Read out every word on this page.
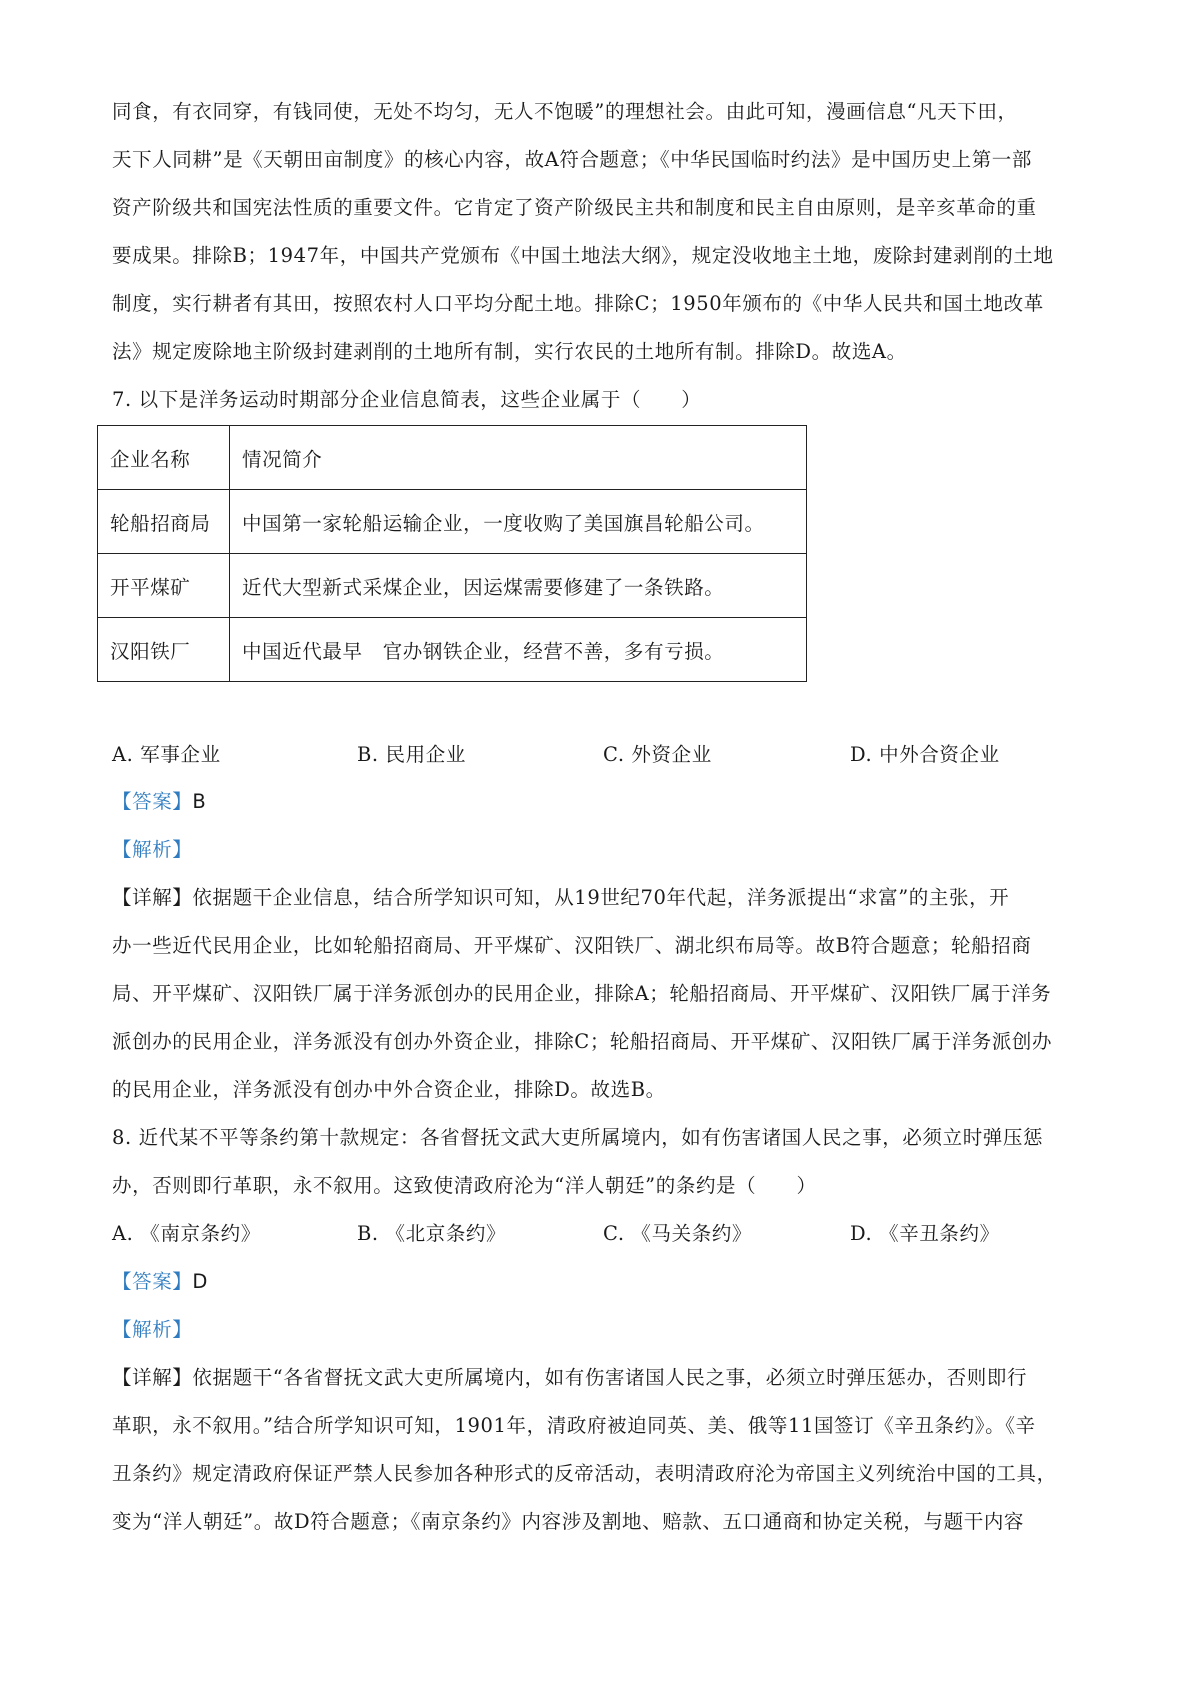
同食，有衣同穿，有钱同使，无处不均匀，无人不饱暖”的理想社会。由此可知，漫画信息“凡天下田，
天下人同耕”是《天朝田亩制度》的核心内容，故A符合题意；《中华民国临时约法》是中国历史上第一部
资产阶级共和国宪法性质的重要文件。它肯定了资产阶级民主共和制度和民主自由原则，是辛亥革命的重
要成果。排除B；1947年，中国共产党颁布《中国土地法大纲》，规定没收地主土地，废除封建剥削的土地
制度，实行耕者有其田，按照农村人口平均分配土地。排除C；1950年颁布的《中华人民共和国土地改革
法》规定废除地主阶级封建剥削的土地所有制，实行农民的土地所有制。排除D。故选A。
7. 以下是洋务运动时期部分企业信息简表，这些企业属于（　　）
企业名称	情况简介
轮船招商局	中国第一家轮船运输企业，一度收购了美国旗昌轮船公司。
开平煤矿	近代大型新式采煤企业，因运煤需要修建了一条铁路。
汉阳铁厂	中国近代最早　官办钢铁企业，经营不善，多有亏损。
A. 军事企业	B. 民用企业	C. 外资企业	D. 中外合资企业
【答案】B
【解析】
【详解】依据题干企业信息，结合所学知识可知，从19世纪70年代起，洋务派提出“求富”的主张，开
办一些近代民用企业，比如轮船招商局、开平煤矿、汉阳铁厂、湖北织布局等。故B符合题意；轮船招商
局、开平煤矿、汉阳铁厂属于洋务派创办的民用企业，排除A；轮船招商局、开平煤矿、汉阳铁厂属于洋务
派创办的民用企业，洋务派没有创办外资企业，排除C；轮船招商局、开平煤矿、汉阳铁厂属于洋务派创办
的民用企业，洋务派没有创办中外合资企业，排除D。故选B。
8. 近代某不平等条约第十款规定：各省督抚文武大吏所属境内，如有伤害诸国人民之事，必须立时弹压惩
办，否则即行革职，永不叙用。这致使清政府沦为“洋人朝廷”的条约是（　　）
A. 《南京条约》	B. 《北京条约》	C. 《马关条约》	D. 《辛丑条约》
【答案】D
【解析】
【详解】依据题干“各省督抚文武大吏所属境内，如有伤害诸国人民之事，必须立时弹压惩办，否则即行
革职，永不叙用。”结合所学知识可知，1901年，清政府被迫同英、美、俄等11国签订《辛丑条约》。《辛
丑条约》规定清政府保证严禁人民参加各种形式的反帝活动，表明清政府沦为帝国主义列统治中国的工具，
变为“洋人朝廷”。故D符合题意；《南京条约》内容涉及割地、赔款、五口通商和协定关税，与题干内容
